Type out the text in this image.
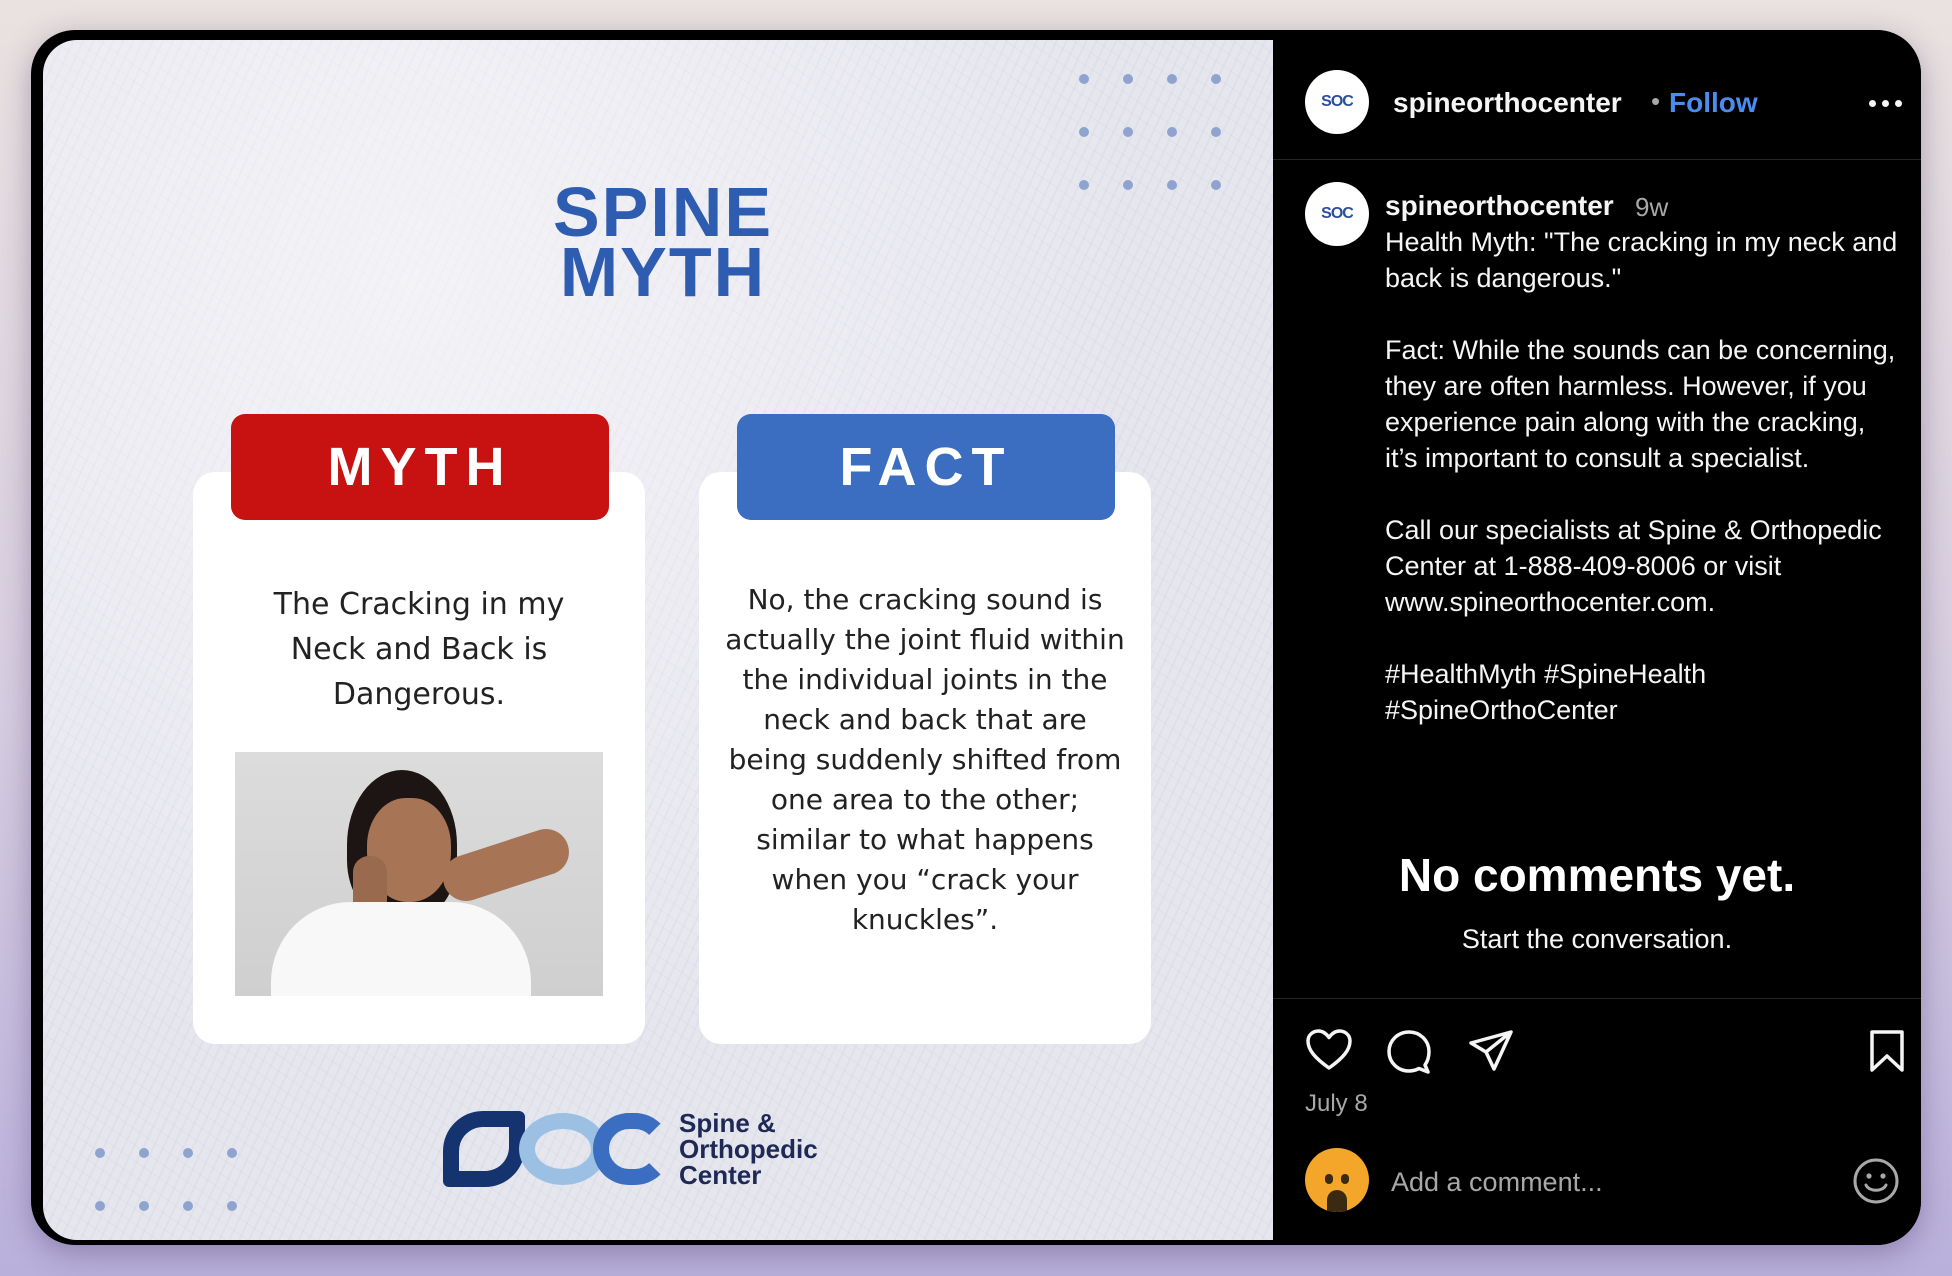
SPINE
MYTH
MYTH	FACT
The Cracking in my Neck and Back is Dangerous.
No, the cracking sound is actually the joint fluid within the individual joints in the neck and back that are being suddenly shifted from one area to the other; similar to what happens when you “crack your knuckles”.
Spine &
Orthopedic
Center
SOC spineorthocenter • Follow
SOC spineorthocenter 9w
Health Myth: "The cracking in my neck and back is dangerous."

Fact: While the sounds can be concerning, they are often harmless. However, if you experience pain along with the cracking, it’s important to consult a specialist.

Call our specialists at Spine & Orthopedic Center at 1-888-409-8006 or visit www.spineorthocenter.com.

#HealthMyth #SpineHealth
#SpineOrthoCenter
No comments yet.
Start the conversation.
July 8
Add a comment...
